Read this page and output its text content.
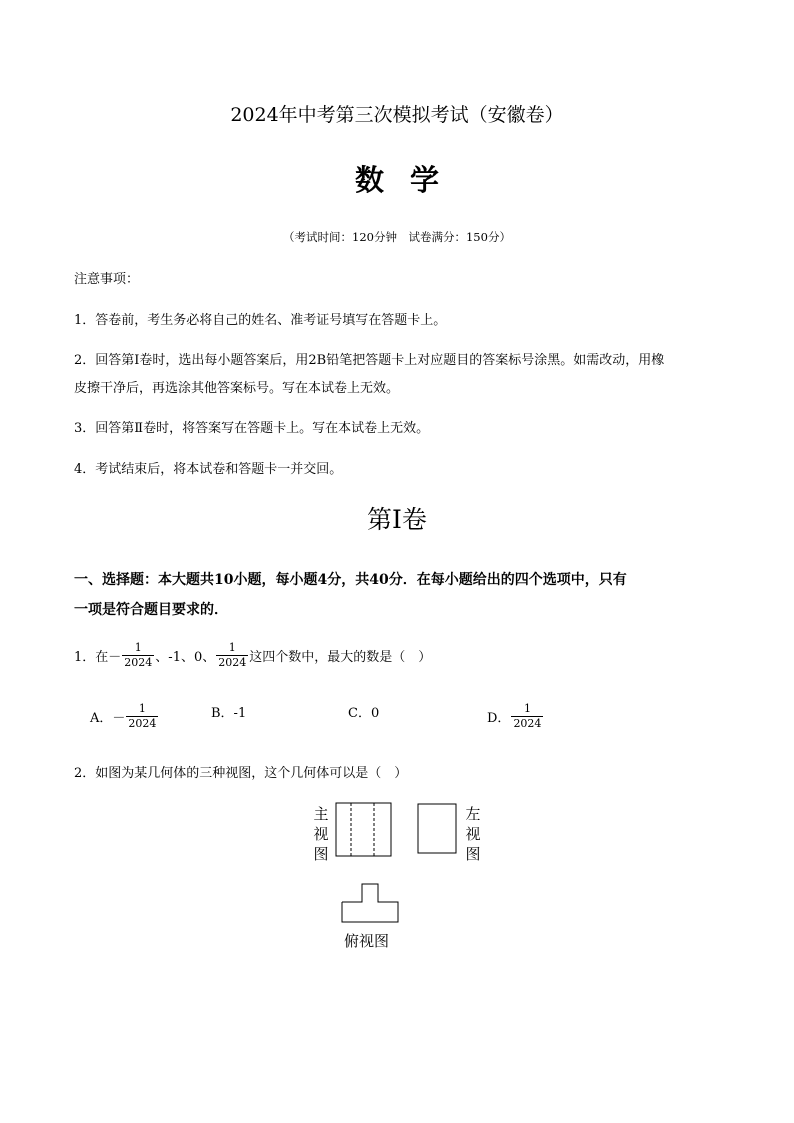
2024年中考第三次模拟考试（安徽卷）
数学
（考试时间：120分钟　试卷满分：150分）
注意事项：
1．答卷前，考生务必将自己的姓名、准考证号填写在答题卡上。
2．回答第Ⅰ卷时，选出每小题答案后，用2B铅笔把答题卡上对应题目的答案标号涂黑。如需改动，用橡
皮擦干净后，再选涂其他答案标号。写在本试卷上无效。
3．回答第Ⅱ卷时，将答案写在答题卡上。写在本试卷上无效。
4．考试结束后，将本试卷和答题卡一并交回。
第Ⅰ卷
一、选择题：本大题共10小题，每小题4分，共40分．在每小题给出的四个选项中，只有
一项是符合题目要求的．
1．在 － $\frac{1}{2024}$ 、-1、0、 $\frac{1}{2024}$ 这四个数中，最大的数是（　）
A． － $\frac{1}{2024}$	B．-1	C．0	D． $\frac{1}{2024}$
2．如图为某几何体的三种视图，这个几何体可以是（　）
主
视
图
左
视
图
俯视图
